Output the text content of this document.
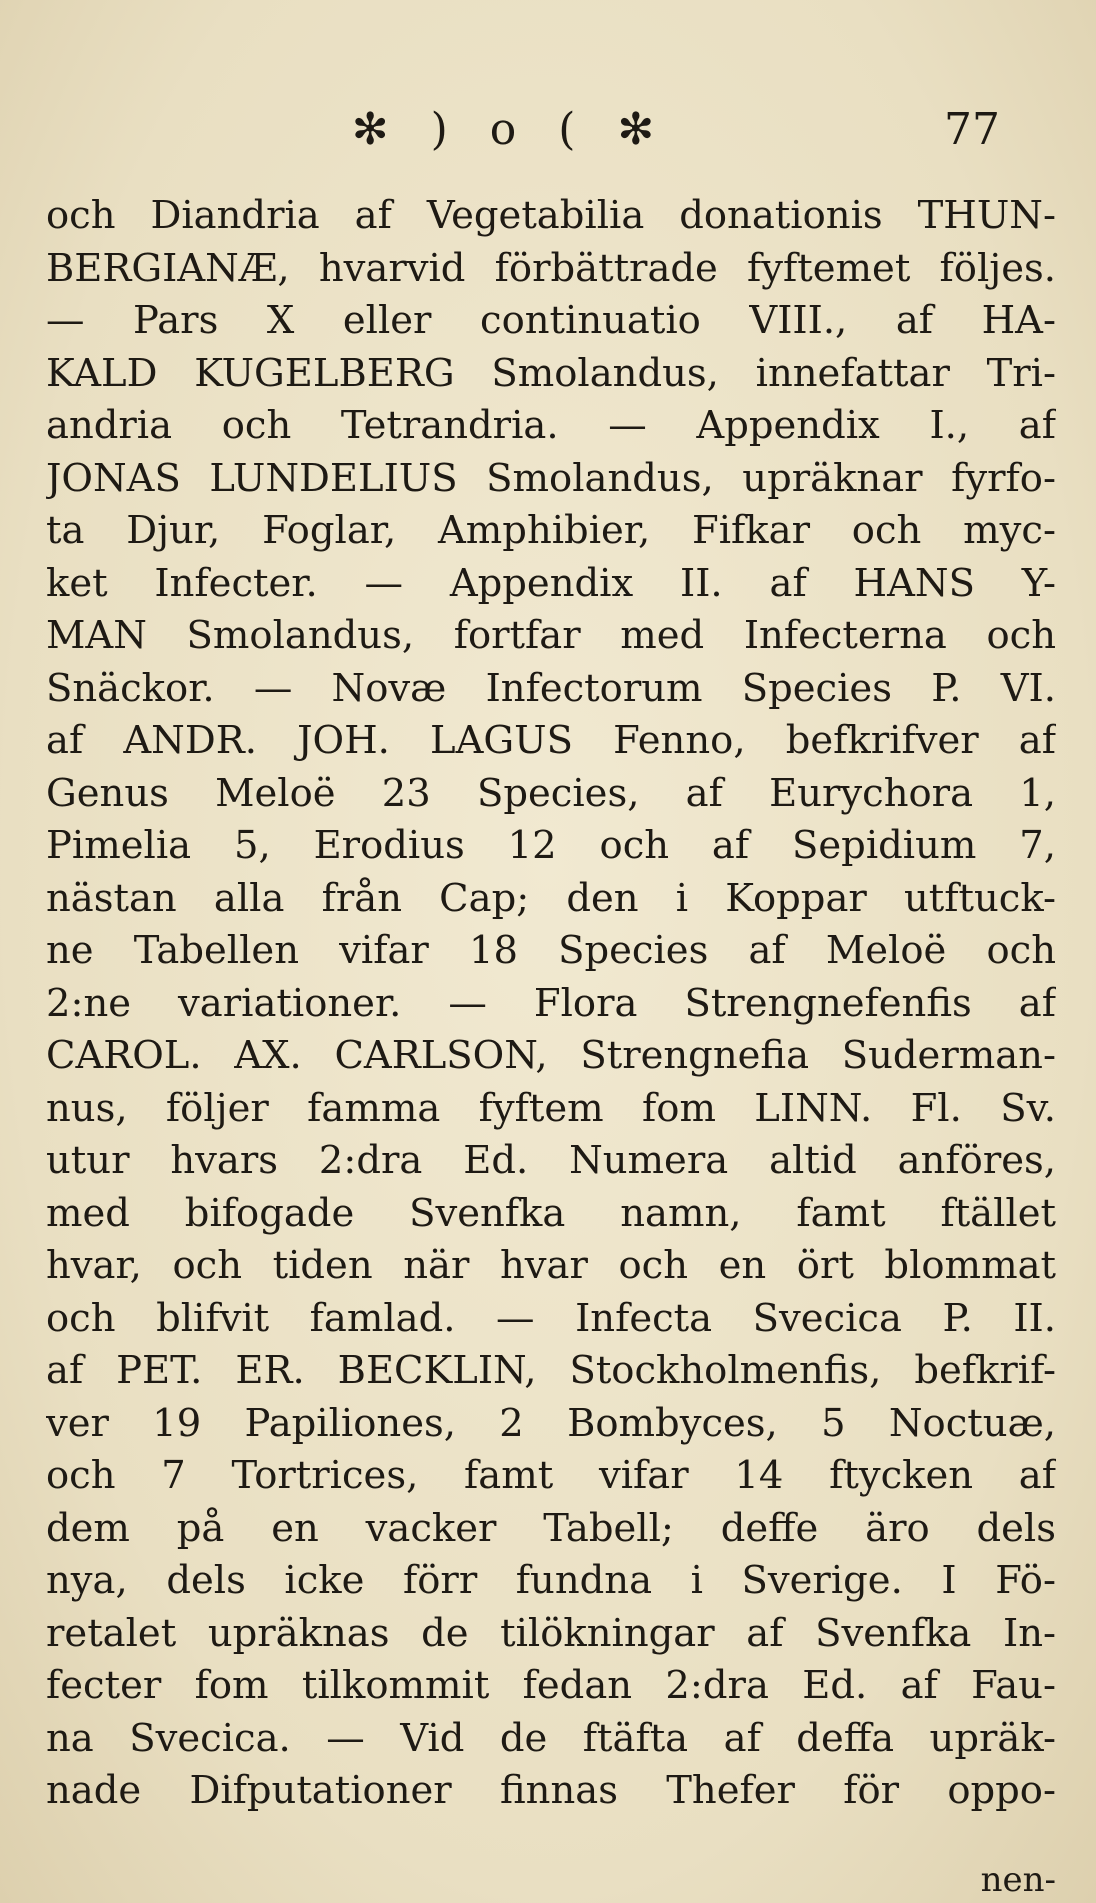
✻ ) o ( ✻	77
och Diandria af Vegetabilia donationis THUN-
BERGIANÆ, hvarvid förbättrade fyftemet följes.
— Pars X eller continuatio VIII., af HA-
KALD KUGELBERG Smolandus, innefattar Tri-
andria och Tetrandria. — Appendix I., af
JONAS LUNDELIUS Smolandus, upräknar fyrfo-
ta Djur, Foglar, Amphibier, Fifkar och myc-
ket Infecter. — Appendix II. af HANS Y-
MAN Smolandus, fortfar med Infecterna och
Snäckor. — Novæ Infectorum Species P. VI.
af ANDR. JOH. LAGUS Fenno, befkrifver af
Genus Meloë 23 Species, af Eurychora 1,
Pimelia 5, Erodius 12 och af Sepidium 7,
nästan alla från Cap; den i Koppar utftuck-
ne Tabellen vifar 18 Species af Meloë och
2:ne variationer. — Flora Strengnefenfis af
CAROL. AX. CARLSON, Strengnefia Suderman-
nus, följer famma fyftem fom LINN. Fl. Sv.
utur hvars 2:dra Ed. Numera altid anföres,
med bifogade Svenfka namn, famt ftället
hvar, och tiden när hvar och en ört blommat
och blifvit famlad. — Infecta Svecica P. II.
af PET. ER. BECKLIN, Stockholmenfis, befkrif-
ver 19 Papiliones, 2 Bombyces, 5 Noctuæ,
och 7 Tortrices, famt vifar 14 ftycken af
dem på en vacker Tabell; deffe äro dels
nya, dels icke förr fundna i Sverige. I Fö-
retalet upräknas de tilökningar af Svenfka In-
fecter fom tilkommit fedan 2:dra Ed. af Fau-
na Svecica. — Vid de ftäfta af deffa upräk-
nade Difputationer finnas Thefer för oppo-
nen-
